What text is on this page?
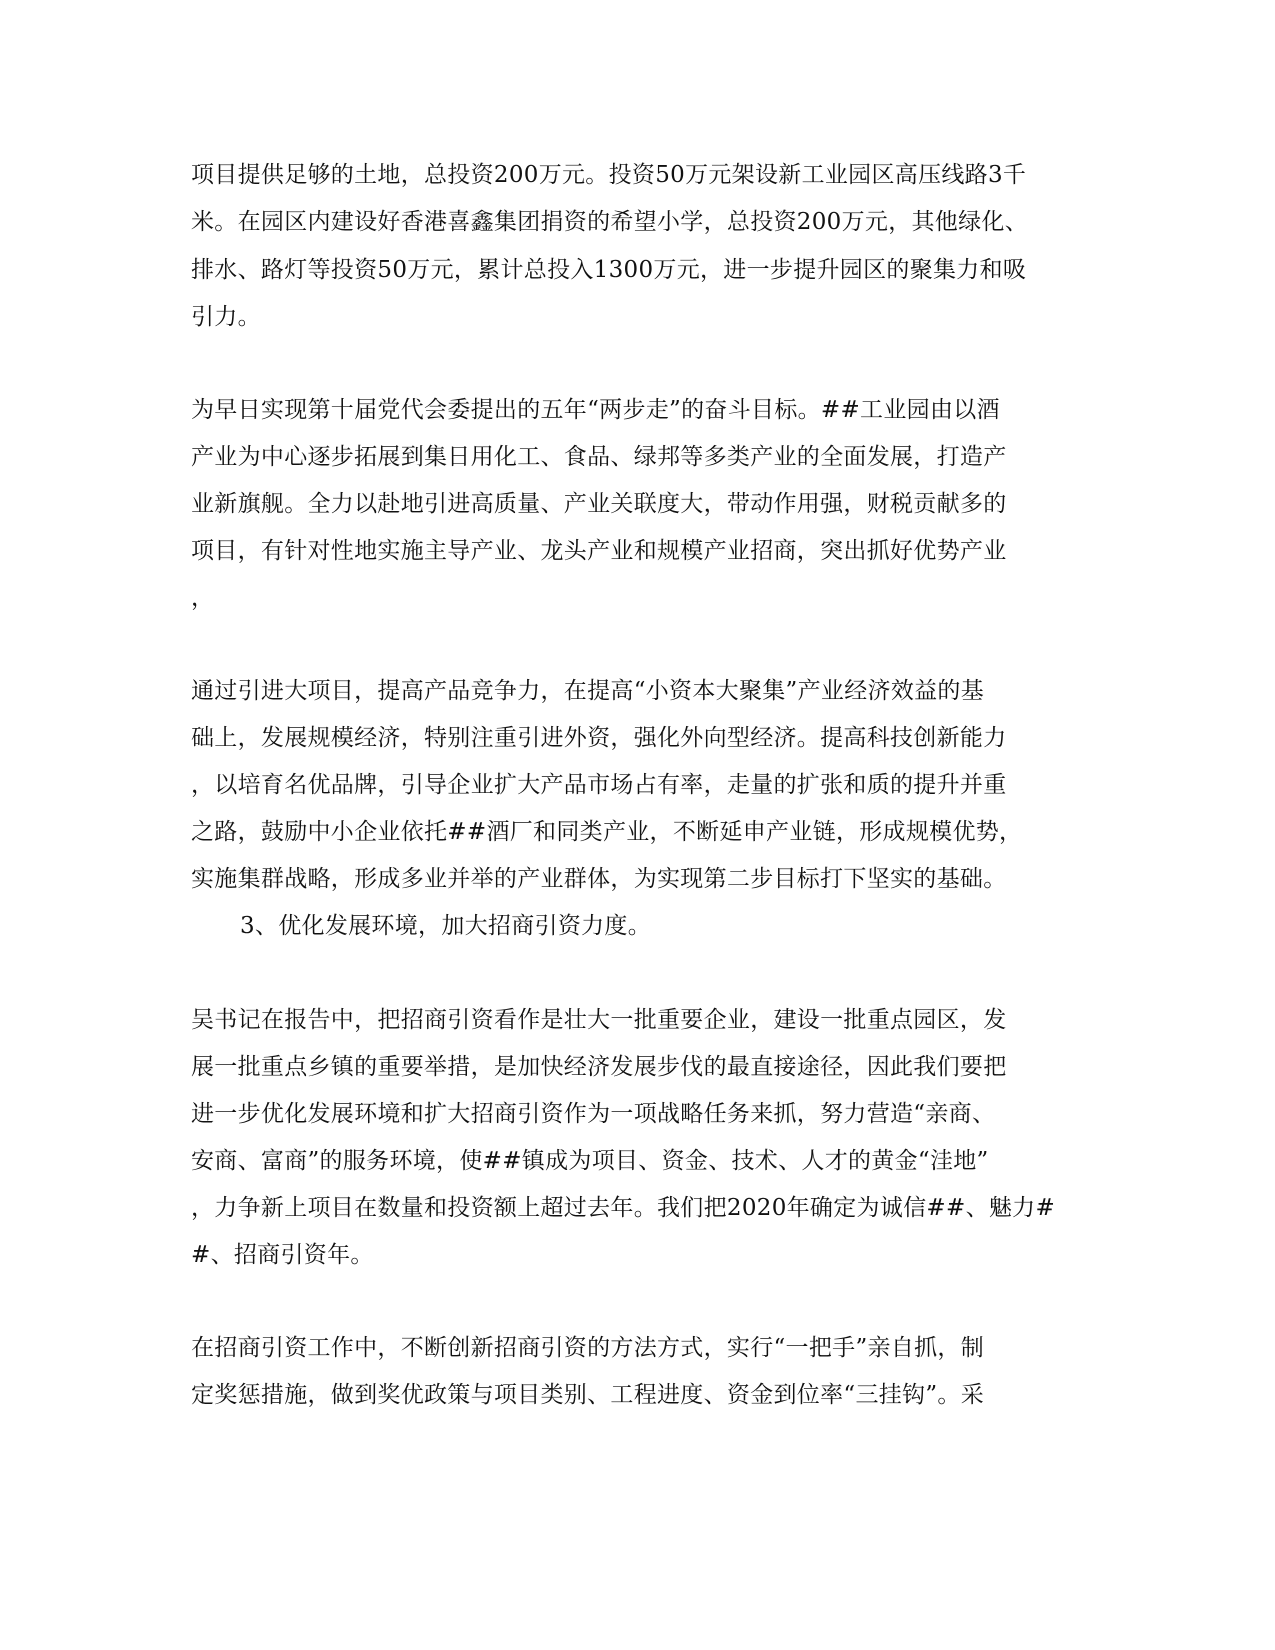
项目提供足够的土地，总投资200万元。投资50万元架设新工业园区高压线路3千
米。在园区内建设好香港喜鑫集团捐资的希望小学，总投资200万元，其他绿化、
排水、路灯等投资50万元，累计总投入1300万元，进一步提升园区的聚集力和吸
引力。
为早日实现第十届党代会委提出的五年“两步走”的奋斗目标。##工业园由以酒
产业为中心逐步拓展到集日用化工、食品、绿邦等多类产业的全面发展，打造产
业新旗舰。全力以赴地引进高质量、产业关联度大，带动作用强，财税贡献多的
项目，有针对性地实施主导产业、龙头产业和规模产业招商，突出抓好优势产业
，
通过引进大项目，提高产品竞争力，在提高“小资本大聚集”产业经济效益的基
础上，发展规模经济，特别注重引进外资，强化外向型经济。提高科技创新能力
，以培育名优品牌，引导企业扩大产品市场占有率，走量的扩张和质的提升并重
之路，鼓励中小企业依托##酒厂和同类产业，不断延申产业链，形成规模优势，
实施集群战略，形成多业并举的产业群体，为实现第二步目标打下坚实的基础。
3、优化发展环境，加大招商引资力度。
吴书记在报告中，把招商引资看作是壮大一批重要企业，建设一批重点园区，发
展一批重点乡镇的重要举措，是加快经济发展步伐的最直接途径，因此我们要把
进一步优化发展环境和扩大招商引资作为一项战略任务来抓，努力营造“亲商、
安商、富商”的服务环境，使##镇成为项目、资金、技术、人才的黄金“洼地”
，力争新上项目在数量和投资额上超过去年。我们把2020年确定为诚信##、魅力#
#、招商引资年。
在招商引资工作中，不断创新招商引资的方法方式，实行“一把手”亲自抓，制
定奖惩措施，做到奖优政策与项目类别、工程进度、资金到位率“三挂钩”。采
